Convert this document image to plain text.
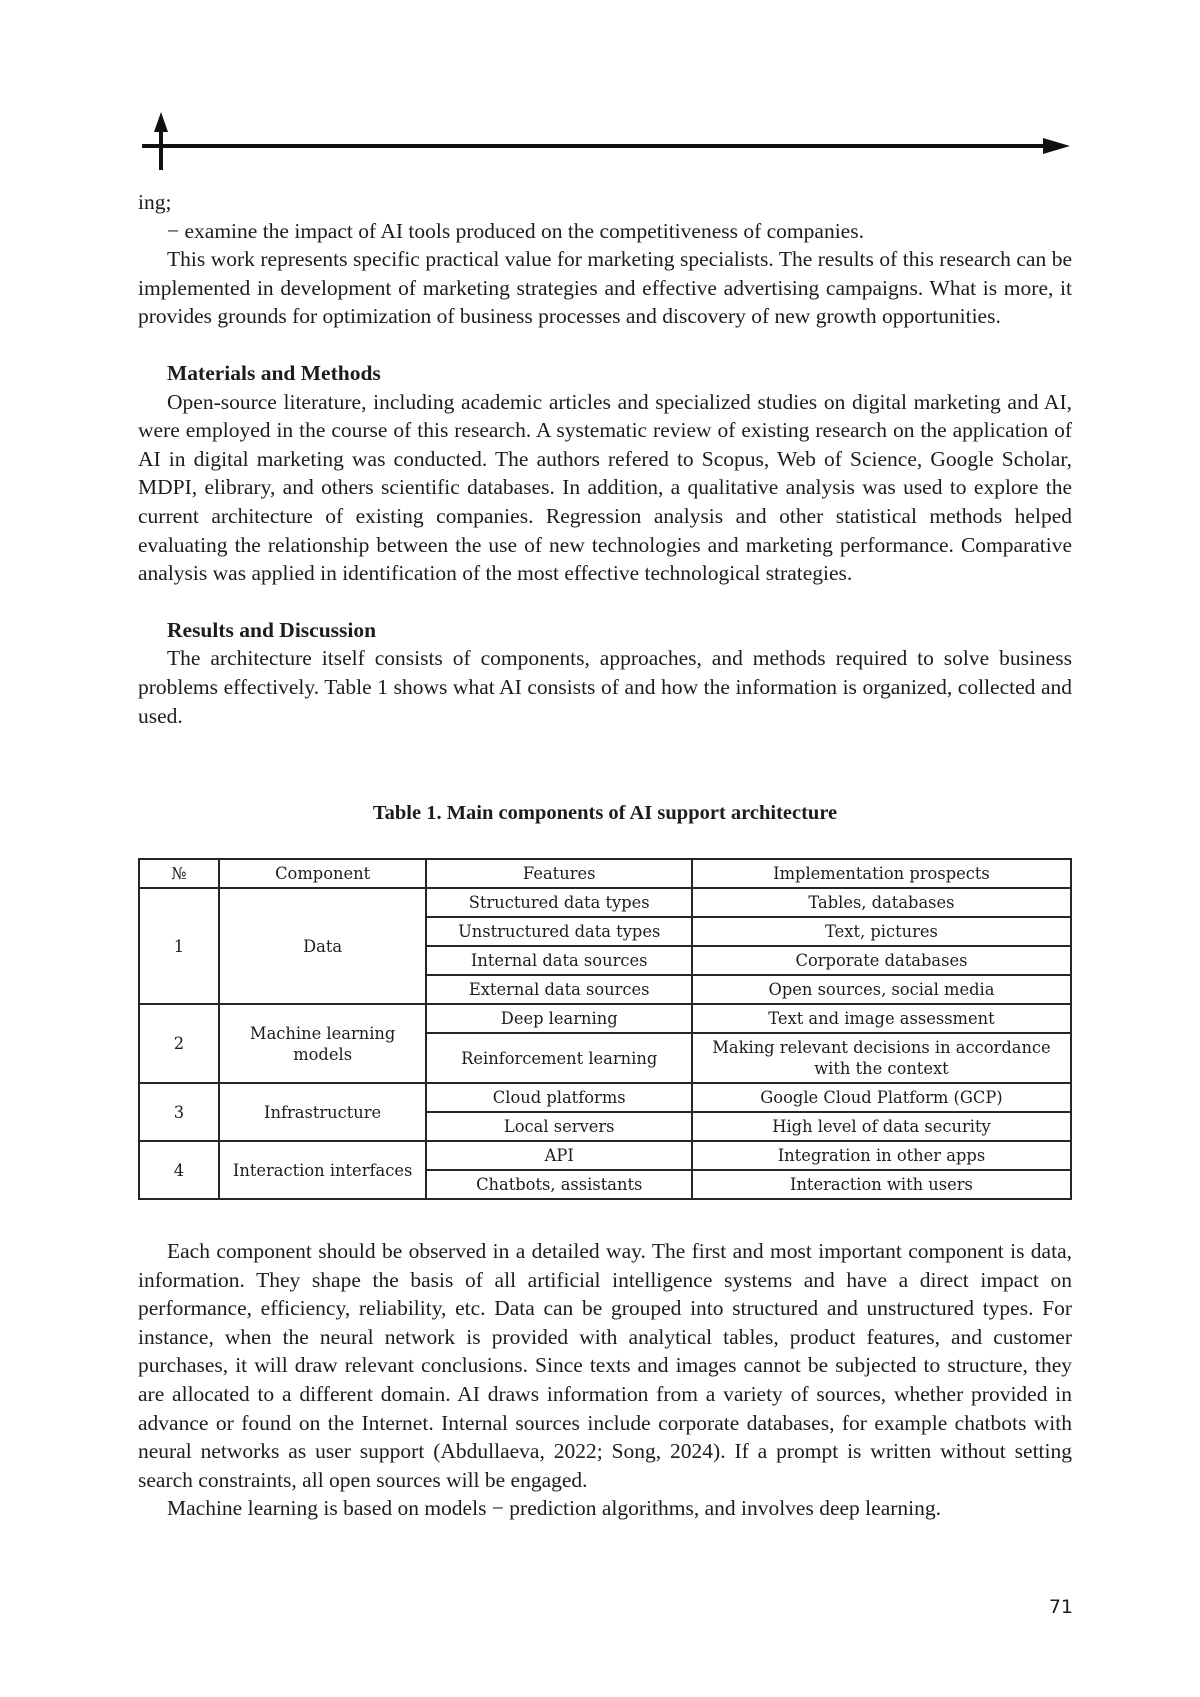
ing;

− examine the impact of AI tools produced on the competitiveness of companies.

This work represents specific practical value for marketing specialists. The results of this research can be implemented in development of marketing strategies and effective advertising campaigns. What is more, it provides grounds for optimization of business processes and discovery of new growth opportunities.

Materials and Methods

Open-source literature, including academic articles and specialized studies on digital marketing and AI, were employed in the course of this research. A systematic review of existing research on the application of AI in digital marketing was conducted. The authors refered to Scopus, Web of Science, Google Scholar, MDPI, elibrary, and others scientific databases. In addition, a qualitative analysis was used to explore the current architecture of existing companies. Regression analysis and other statistical methods helped evaluating the relationship between the use of new technologies and marketing performance. Comparative analysis was applied in identification of the most effective technological strategies.

Results and Discussion

The architecture itself consists of components, approaches, and methods required to solve business problems effectively. Table 1 shows what AI consists of and how the information is organized, collected and used.

Table 1. Main components of AI support architecture
№	Component	Features	Implementation prospects
1	Data	Structured data types	Tables, databases
		Unstructured data types	Text, pictures
		Internal data sources	Corporate databases
		External data sources	Open sources, social media
2	Machine learning models	Deep learning	Text and image assessment
		Reinforcement learning	Making relevant decisions in accordance with the context
3	Infrastructure	Cloud platforms	Google Cloud Platform (GCP)
		Local servers	High level of data security
4	Interaction interfaces	API	Integration in other apps
		Chatbots, assistants	Interaction with users

Each component should be observed in a detailed way. The first and most important component is data, information. They shape the basis of all artificial intelligence systems and have a direct impact on performance, efficiency, reliability, etc. Data can be grouped into structured and unstructured types. For instance, when the neural network is provided with analytical tables, product features, and customer purchases, it will draw relevant conclusions. Since texts and images cannot be subjected to structure, they are allocated to a different domain. AI draws information from a variety of sources, whether provided in advance or found on the Internet. Internal sources include corporate databases, for example chatbots with neural networks as user support (Abdullaeva, 2022; Song, 2024). If a prompt is written without setting search constraints, all open sources will be engaged.

Machine learning is based on models − prediction algorithms, and involves deep learning.

71
